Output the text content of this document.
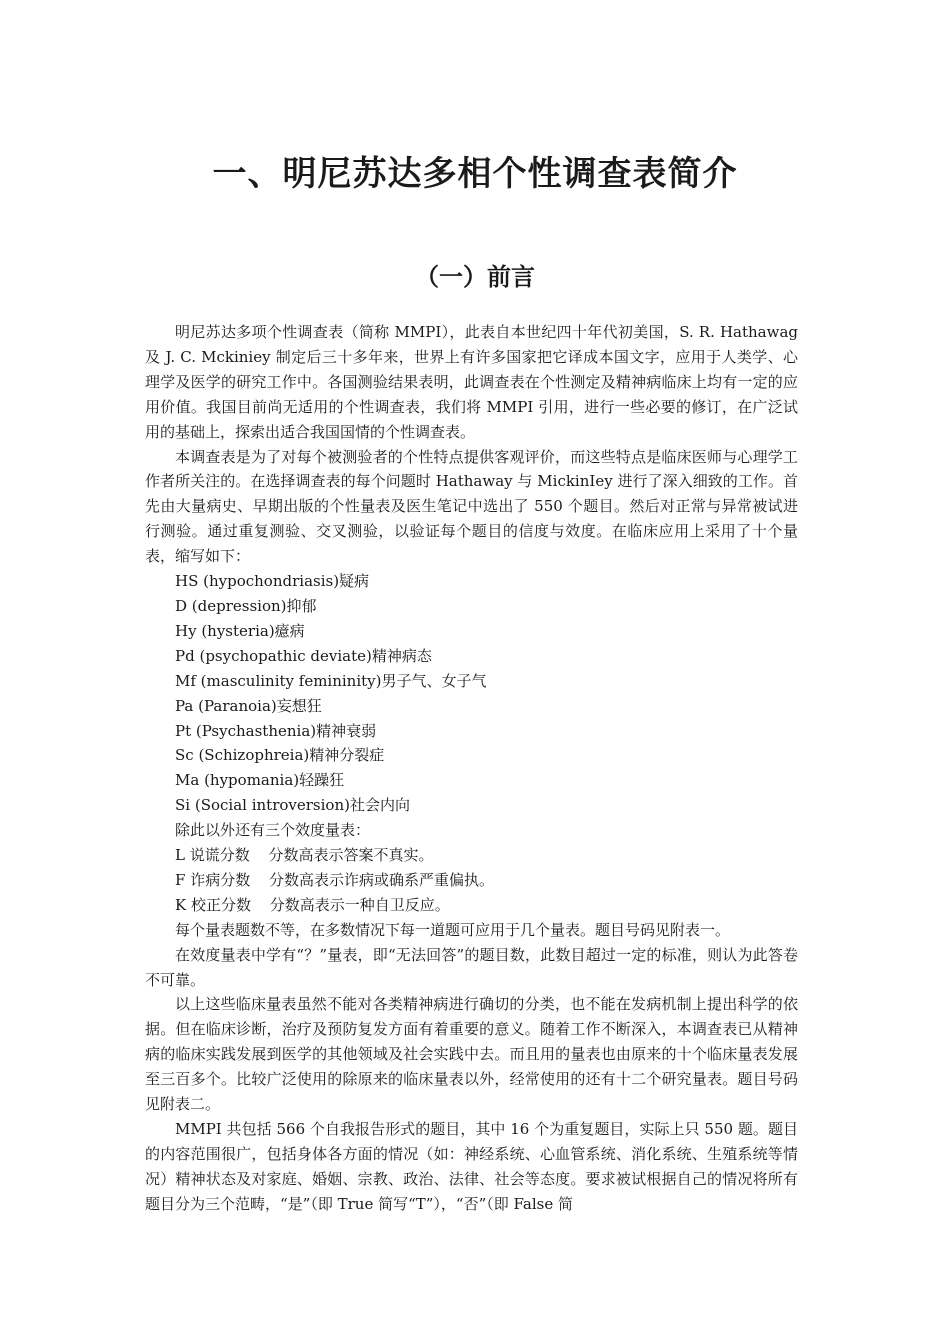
一、明尼苏达多相个性调查表简介
（一）前言

明尼苏达多项个性调查表（简称 MMPI），此表自本世纪四十年代初美国，S. R. Hathawag 及 J. C. Mckiniey 制定后三十多年来，世界上有许多国家把它译成本国文字，应用于人类学、心理学及医学的研究工作中。各国测验结果表明，此调查表在个性测定及精神病临床上均有一定的应用价值。我国目前尚无适用的个性调查表，我们将 MMPI 引用，进行一些必要的修订，在广泛试用的基础上，探索出适合我国国情的个性调查表。

本调查表是为了对每个被测验者的个性特点提供客观评价，而这些特点是临床医师与心理学工作者所关注的。在选择调查表的每个问题时 Hathaway 与 MickinIey 进行了深入细致的工作。首先由大量病史、早期出版的个性量表及医生笔记中选出了 550 个题目。然后对正常与异常被试进行测验。通过重复测验、交叉测验，以验证每个题目的信度与效度。在临床应用上采用了十个量表，缩写如下：

HS (hypochondriasis)疑病

D (depression)抑郁

Hy (hysteria)癔病

Pd (psychopathic deviate)精神病态

Mf (masculinity femininity)男子气、女子气

Pa (Paranoia)妄想狂

Pt (Psychasthenia)精神衰弱

Sc (Schizophreia)精神分裂症

Ma (hypomania)轻躁狂

Si (Social introversion)社会内向

除此以外还有三个效度量表：

L 说谎分数 分数高表示答案不真实。

F 诈病分数 分数高表示诈病或确系严重偏执。

K 校正分数 分数高表示一种自卫反应。

每个量表题数不等，在多数情况下每一道题可应用于几个量表。题目号码见附表一。

在效度量表中学有“？”量表，即“无法回答”的题目数，此数目超过一定的标准，则认为此答卷不可靠。

以上这些临床量表虽然不能对各类精神病进行确切的分类，也不能在发病机制上提出科学的依据。但在临床诊断，治疗及预防复发方面有着重要的意义。随着工作不断深入，本调查表已从精神病的临床实践发展到医学的其他领域及社会实践中去。而且用的量表也由原来的十个临床量表发展至三百多个。比较广泛使用的除原来的临床量表以外，经常使用的还有十二个研究量表。题目号码见附表二。

MMPI 共包括 566 个自我报告形式的题目，其中 16 个为重复题目，实际上只 550 题。题目的内容范围很广，包括身体各方面的情况（如：神经系统、心血管系统、消化系统、生殖系统等情况）精神状态及对家庭、婚姻、宗教、政治、法律、社会等态度。要求被试根据自己的情况将所有题目分为三个范畴，“是”（即 True 简写“T”），“否”（即 False 简
